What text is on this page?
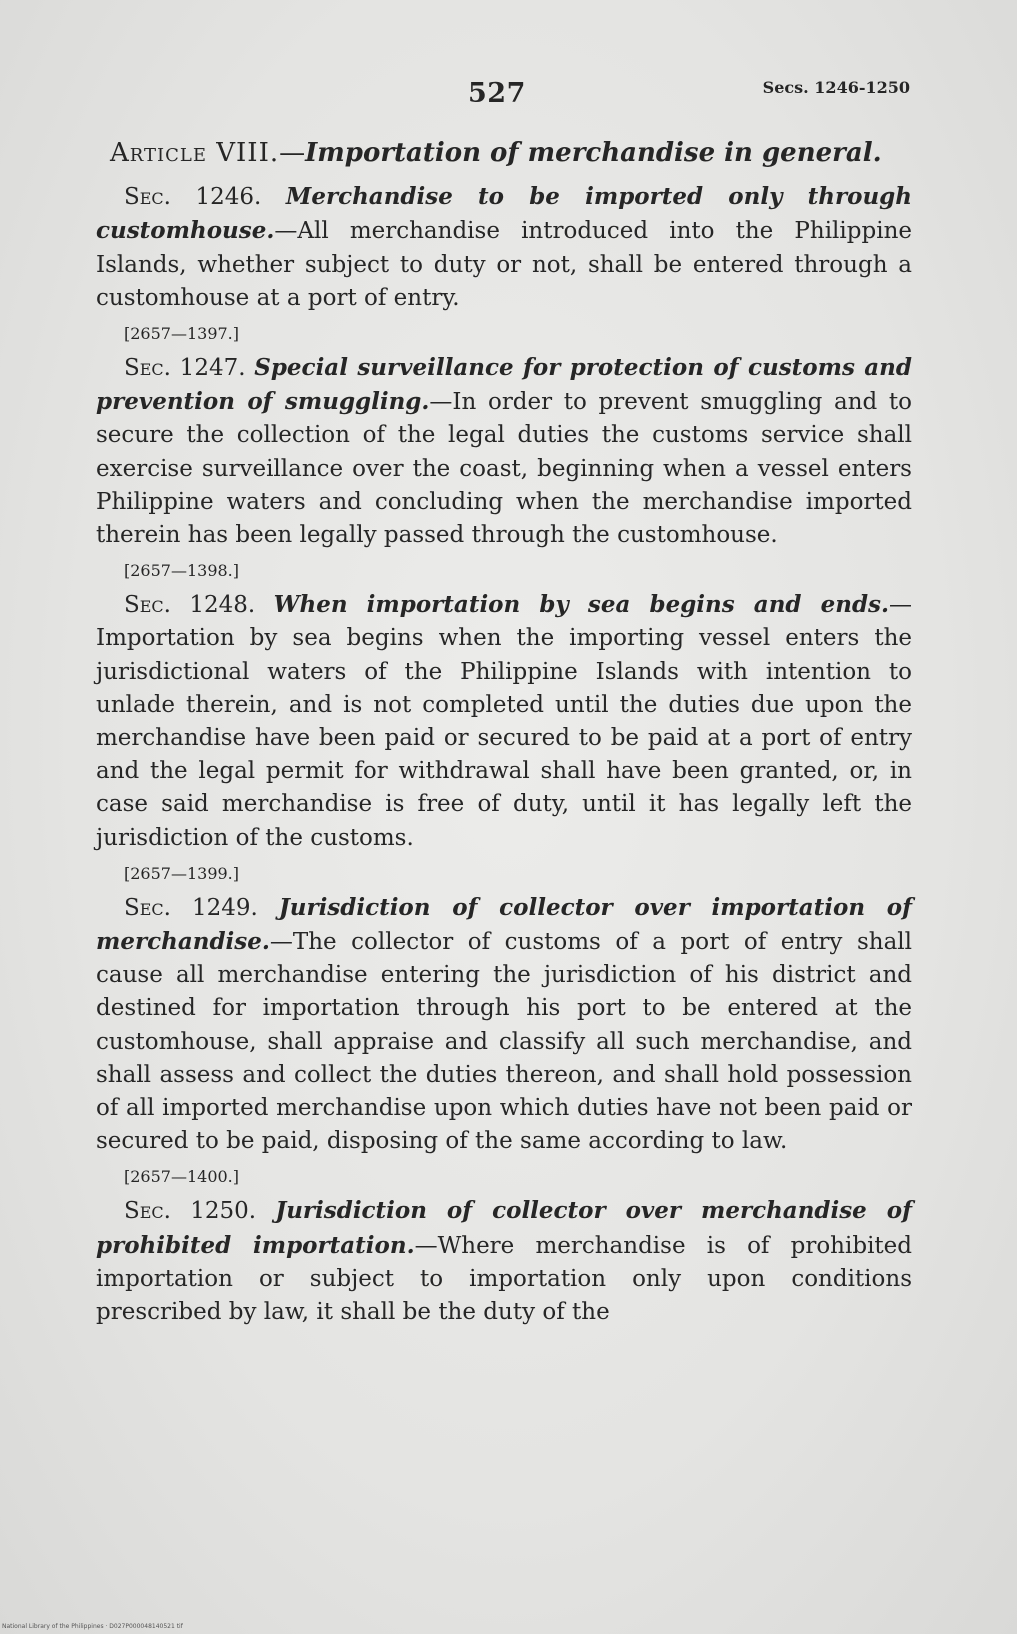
527	Secs. 1246-1250

Article VIII.—Importation of merchandise in general.

Sec. 1246. Merchandise to be imported only through customhouse.—All merchandise introduced into the Philippine Islands, whether subject to duty or not, shall be entered through a customhouse at a port of entry.

[2657—1397.]

Sec. 1247. Special surveillance for protection of customs and prevention of smuggling.—In order to prevent smuggling and to secure the collection of the legal duties the customs service shall exercise surveillance over the coast, beginning when a vessel enters Philippine waters and concluding when the merchandise imported therein has been legally passed through the customhouse.

[2657—1398.]

Sec. 1248. When importation by sea begins and ends.—Importation by sea begins when the importing vessel enters the jurisdictional waters of the Philippine Islands with intention to unlade therein, and is not completed until the duties due upon the merchandise have been paid or secured to be paid at a port of entry and the legal permit for withdrawal shall have been granted, or, in case said merchandise is free of duty, until it has legally left the jurisdiction of the customs.

[2657—1399.]

Sec. 1249. Jurisdiction of collector over importation of merchandise.—The collector of customs of a port of entry shall cause all merchandise entering the jurisdiction of his district and destined for importation through his port to be entered at the customhouse, shall appraise and classify all such merchandise, and shall assess and collect the duties thereon, and shall hold possession of all imported merchandise upon which duties have not been paid or secured to be paid, disposing of the same according to law.

[2657—1400.]

Sec. 1250. Jurisdiction of collector over merchandise of prohibited importation.—Where merchandise is of prohibited importation or subject to importation only upon conditions prescribed by law, it shall be the duty of the

National Library of the Philippines · D027P000048140521 tif
